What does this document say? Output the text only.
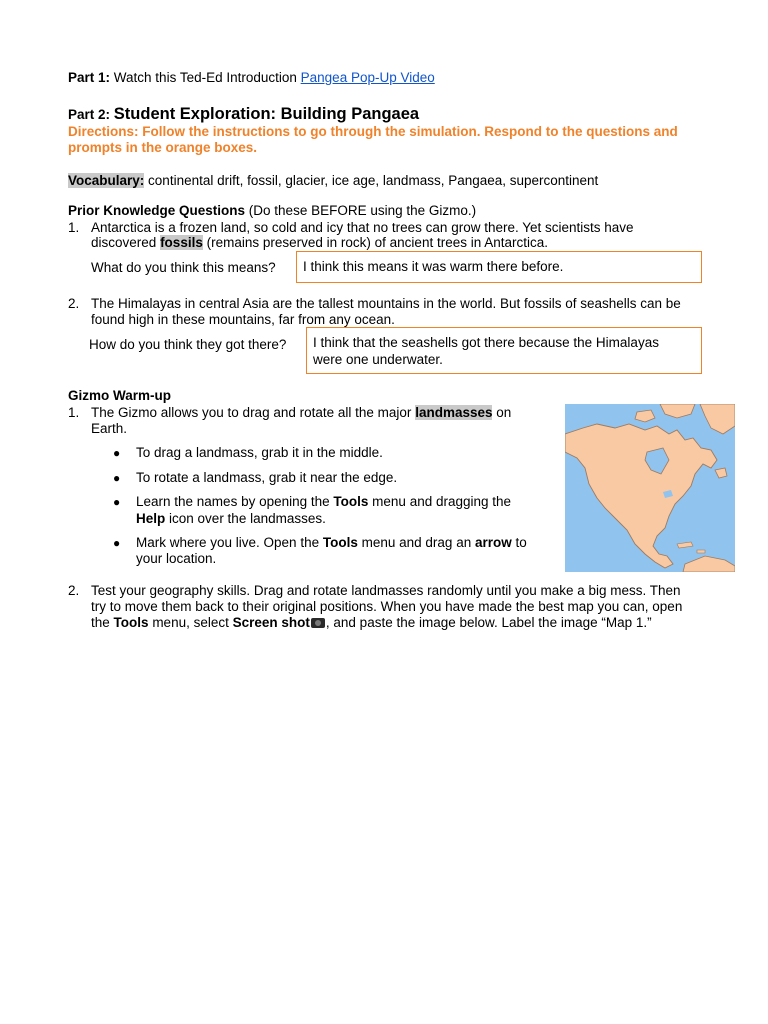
Part 1: Watch this Ted-Ed Introduction Pangea Pop-Up Video
Part 2: Student Exploration: Building Pangaea
Directions: Follow the instructions to go through the simulation. Respond to the questions and
prompts in the orange boxes.
Vocabulary: continental drift, fossil, glacier, ice age, landmass, Pangaea, supercontinent
Prior Knowledge Questions (Do these BEFORE using the Gizmo.)
1. Antarctica is a frozen land, so cold and icy that no trees can grow there. Yet scientists have
discovered fossils (remains preserved in rock) of ancient trees in Antarctica.
What do you think this means?	I think this means it was warm there before.
2. The Himalayas in central Asia are the tallest mountains in the world. But fossils of seashells can be
found high in these mountains, far from any ocean.
How do you think they got there? I think that the seashells got there because the Himalayas
were one underwater.
Gizmo Warm-up
1. The Gizmo allows you to drag and rotate all the major landmasses on
Earth.
● To drag a landmass, grab it in the middle.
● To rotate a landmass, grab it near the edge.
● Learn the names by opening the Tools menu and dragging the
Help icon over the landmasses.
● Mark where you live. Open the Tools menu and drag an arrow to
your location.
2. Test your geography skills. Drag and rotate landmasses randomly until you make a big mess. Then
try to move them back to their original positions. When you have made the best map you can, open
the Tools menu, select Screen shot , and paste the image below. Label the image “Map 1.”
